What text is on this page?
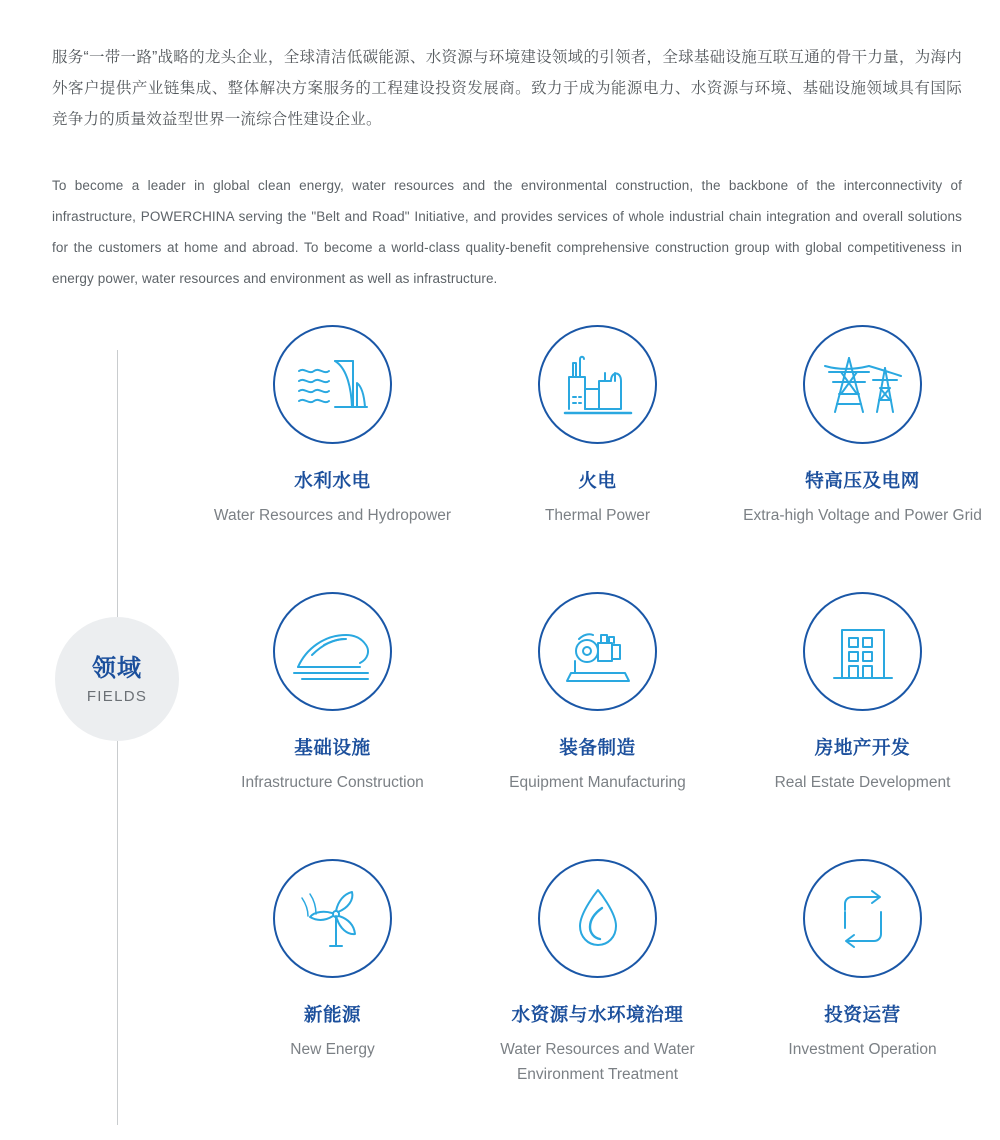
服务“一带一路”战略的龙头企业，全球清洁低碳能源、水资源与环境建设领域的引领者，全球基础设施互联互通的骨干力量，为海内外客户提供产业链集成、整体解决方案服务的工程建设投资发展商。致力于成为能源电力、水资源与环境、基础设施领域具有国际竞争力的质量效益型世界一流综合性建设企业。

To become a leader in global clean energy, water resources and the environmental construction, the backbone of the interconnectivity of infrastructure, POWERCHINA serving the "Belt and Road" Initiative, and provides services of whole industrial chain integration and overall solutions for the customers at home and abroad. To become a world-class quality-benefit comprehensive construction group with global competitiveness in energy power, water resources and environment as well as infrastructure.

领域
FIELDS
水利水电
Water Resources and Hydropower
火电
Thermal Power
特高压及电网
Extra-high Voltage and Power Grid
基础设施
Infrastructure Construction
装备制造
Equipment Manufacturing
房地产开发
Real Estate Development
新能源
New Energy
水资源与水环境治理
Water Resources and Water Environment Treatment
投资运营
Investment Operation
